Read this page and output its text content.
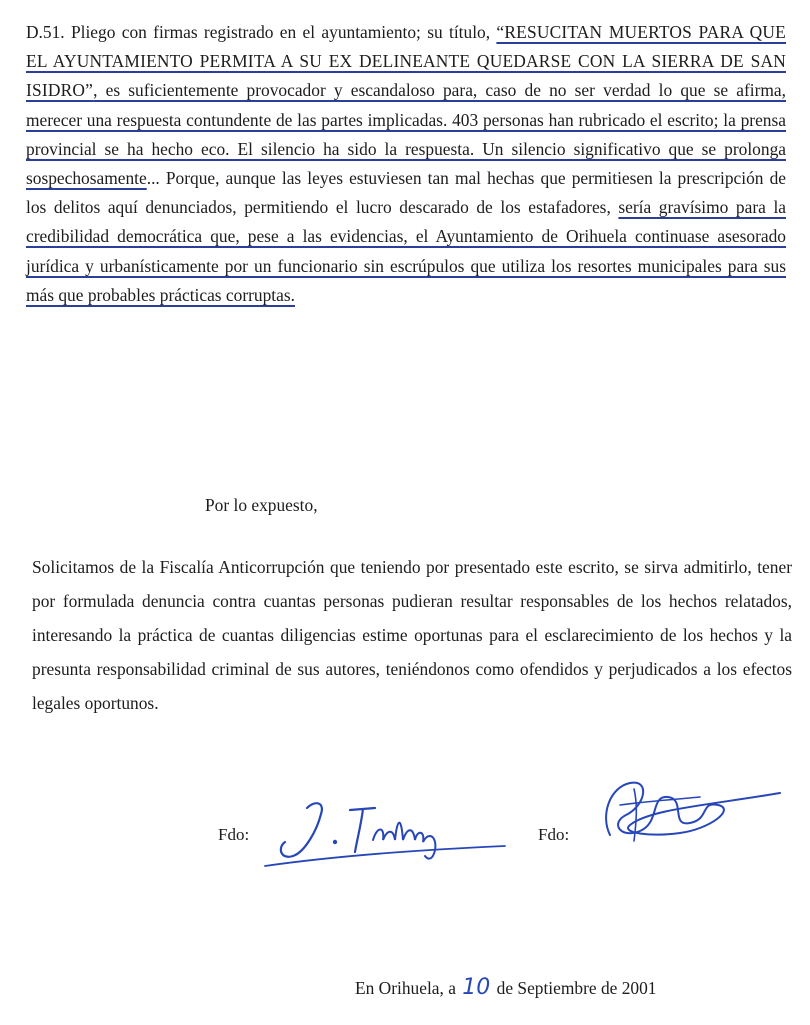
D.51. Pliego con firmas registrado en el ayuntamiento; su título, “RESUCITAN MUERTOS PARA QUE EL AYUNTAMIENTO PERMITA A SU EX DELINEANTE QUEDARSE CON LA SIERRA DE SAN ISIDRO”, es suficientemente provocador y escandaloso para, caso de no ser verdad lo que se afirma, merecer una respuesta contundente de las partes implicadas. 403 personas han rubricado el escrito; la prensa provincial se ha hecho eco. El silencio ha sido la respuesta. Un silencio significativo que se prolonga sospechosamente... Porque, aunque las leyes estuviesen tan mal hechas que permitiesen la prescripción de los delitos aquí denunciados, permitiendo el lucro descarado de los estafadores, sería gravísimo para la credibilidad democrática que, pese a las evidencias, el Ayuntamiento de Orihuela continuase asesorado jurídica y urbanísticamente por un funcionario sin escrúpulos que utiliza los resortes municipales para sus más que probables prácticas corruptas.
Por lo expuesto,
Solicitamos de la Fiscalía Anticorrupción que teniendo por presentado este escrito, se sirva admitirlo, tener por formulada denuncia contra cuantas personas pudieran resultar responsables de los hechos relatados, interesando la práctica de cuantas diligencias estime oportunas para el esclarecimiento de los hechos y la presunta responsabilidad criminal de sus autores, teniéndonos como ofendidos y perjudicados a los efectos legales oportunos.
Fdo:	Fdo:
En Orihuela, a 10 de Septiembre de 2001
